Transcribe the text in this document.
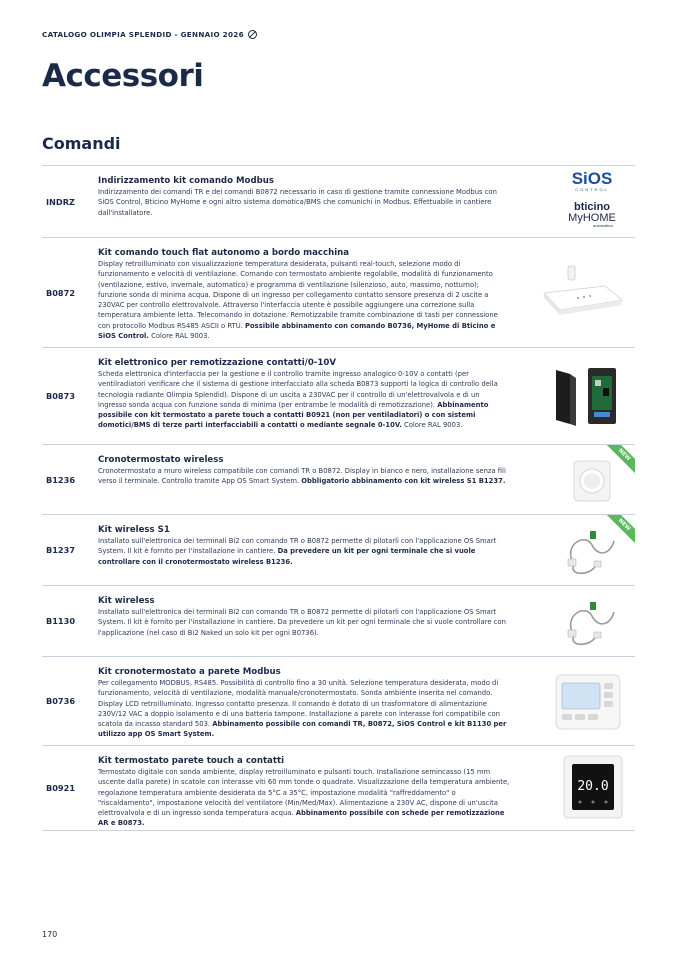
CATALOGO OLIMPIA SPLENDID - GENNAIO 2026
Accessori
Comandi
INDRZ
Indirizzamento kit comando Modbus
Indirizzamento dei comandi TR e dei comandi B0872 necessario in caso di gestione tramite connessione Modbus con SiOS Control, Bticino MyHome e ogni altro sistema domotica/BMS che comunichi in Modbus. Effettuabile in cantiere dall'installatore.
SiOS
CONTROL
bticino
MyHOME
automation
B0872
Kit comando touch flat autonomo a bordo macchina
Display retroilluminato con visualizzazione temperatura desiderata, pulsanti real-touch, selezione modo di funzionamento e velocità di ventilazione. Comando con termostato ambiente regolabile, modalità di funzionamento (ventilazione, estivo, invernale, automatico) e programma di ventilazione (silenzioso, auto, massimo, notturno); funzione sonda di minima acqua. Dispone di un ingresso per collegamento contatto sensore presenza di 2 uscite a 230VAC per controllo elettrovalvole. Attraverso l'interfaccia utente è possibile aggiungere una correzione sulla temperatura ambiente letta. Telecomando in dotazione. Remotizzabile tramite combinazione di tasti per connessione con protocollo Modbus RS485 ASCII o RTU. Possibile abbinamento con comando B0736, MyHome di Bticino e SiOS Control. Colore RAL 9003.
B0873
Kit elettronico per remotizzazione contatti/0-10V
Scheda elettronica d'interfaccia per la gestione e il controllo tramite ingresso analogico 0-10V o contatti (per ventilradiatori verificare che il sistema di gestione interfacciato alla scheda B0873 supporti la logica di controllo della tecnologia radiante Olimpia Splendid). Dispone di un uscita a 230VAC per il controllo di un'elettrovalvola e di un ingresso sonda acqua con funzione sonda di minima (per entrambe le modalità di remotizzazione). Abbinamento possibile con kit termostato a parete touch a contatti B0921 (non per ventiladiatori) o con sistemi domotici/BMS di terze parti interfacciabili a contatti o mediante segnale 0-10V. Colore RAL 9003.
B1236
Cronotermostato wireless
Cronotermostato a muro wireless compatibile con comandi TR o B0872. Display in bianco e nero, installazione senza fili verso il terminale. Controllo tramite App OS Smart System. Obbligatorio abbinamento con kit wireless S1 B1237.
NEW
B1237
Kit wireless S1
Installato sull'elettronica dei terminali Bi2 con comando TR o B0872 permette di pilotarli con l'applicazione OS Smart System. Il kit è fornito per l'installazione in cantiere. Da prevedere un kit per ogni terminale che si vuole controllare con il cronotermostato wireless B1236.
NEW
B1130
Kit wireless
Installato sull'elettronica dei terminali Bi2 con comando TR o B0872 permette di pilotarli con l'applicazione OS Smart System. Il kit è fornito per l'installazione in cantiere. Da prevedere un kit per ogni terminale che si vuole controllare con l'applicazione (nel caso di Bi2 Naked un solo kit per ogni B0736).
B0736
Kit cronotermostato a parete Modbus
Per collegamento MODBUS, RS485. Possibilità di controllo fino a 30 unità. Selezione temperatura desiderata, modo di funzionamento, velocità di ventilazione, modalità manuale/cronotermostato. Sonda ambiente inserita nel comando. Display LCD retroilluminato. Ingresso contatto presenza. Il comando è dotato di un trasformatore di alimentazione 230V/12 VAC a doppio isolamento e di una batteria tampone. Installazione a parete con interasse fori compatibile con scatola da incasso standard 503. Abbinamento possibile con comandi TR, B0872, SiOS Control e kit B1130 per utilizzo app OS Smart System.
B0921
Kit termostato parete touch a contatti
Termostato digitale con sonda ambiente, display retroilluminato e pulsanti touch. Installazione semincasso (15 mm uscente dalla parete) in scatole con interasse viti 60 mm tonde o quadrate. Visualizzazione della temperatura ambiente, regolazione temperatura ambiente desiderata da 5°C a 35°C, impostazione modalità "raffreddamento" o "riscaldamento", impostazione velocità del ventilatore (Min/Med/Max). Alimentazione a 230V AC, dispone di un'uscita elettrovalvola e di un ingresso sonda temperatura acqua. Abbinamento possibile con schede per remotizzazione AR e B0873.
20.0
170
